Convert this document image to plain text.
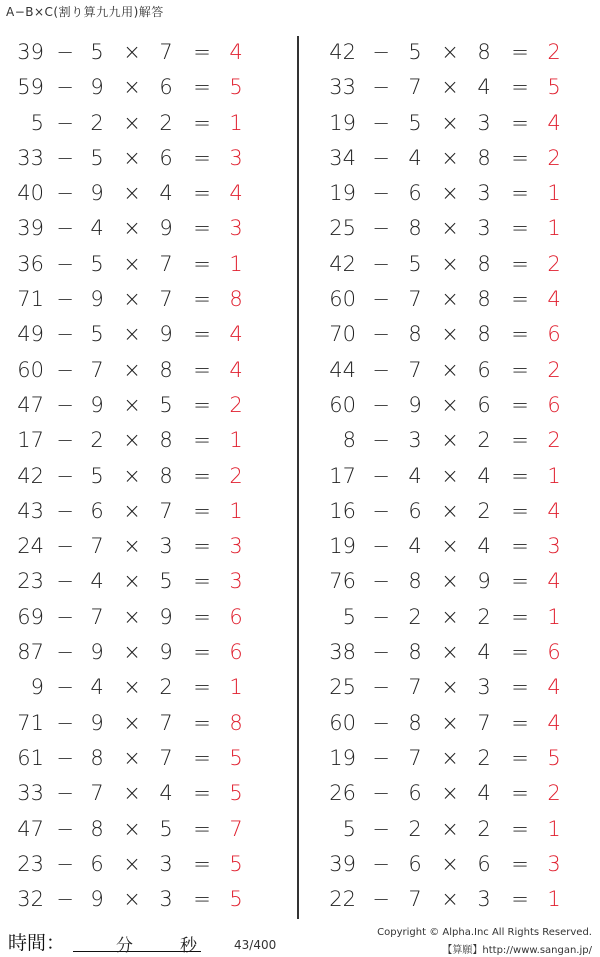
A−B×C(割り算九九用)解答
39 − 5 × 7 = 4
59 − 9 × 6 = 5
5 − 2 × 2 = 1
33 − 5 × 6 = 3
40 − 9 × 4 = 4
39 − 4 × 9 = 3
36 − 5 × 7 = 1
71 − 9 × 7 = 8
49 − 5 × 9 = 4
60 − 7 × 8 = 4
47 − 9 × 5 = 2
17 − 2 × 8 = 1
42 − 5 × 8 = 2
43 − 6 × 7 = 1
24 − 7 × 3 = 3
23 − 4 × 5 = 3
69 − 7 × 9 = 6
87 − 9 × 9 = 6
9 − 4 × 2 = 1
71 − 9 × 7 = 8
61 − 8 × 7 = 5
33 − 7 × 4 = 5
47 − 8 × 5 = 7
23 − 6 × 3 = 5
32 − 9 × 3 = 5
42 − 5 × 8 = 2
33 − 7 × 4 = 5
19 − 5 × 3 = 4
34 − 4 × 8 = 2
19 − 6 × 3 = 1
25 − 8 × 3 = 1
42 − 5 × 8 = 2
60 − 7 × 8 = 4
70 − 8 × 8 = 6
44 − 7 × 6 = 2
60 − 9 × 6 = 6
8 − 3 × 2 = 2
17 − 4 × 4 = 1
16 − 6 × 2 = 4
19 − 4 × 4 = 3
76 − 8 × 9 = 4
5 − 2 × 2 = 1
38 − 8 × 4 = 6
25 − 7 × 3 = 4
60 − 8 × 7 = 4
19 − 7 × 2 = 5
26 − 6 × 4 = 2
5 − 2 × 2 = 1
39 − 6 × 6 = 3
22 − 7 × 3 = 1
時間：	分	秒	43/400
Copyright © Alpha.Inc All Rights Reserved.
【算願】http://www.sangan.jp/
